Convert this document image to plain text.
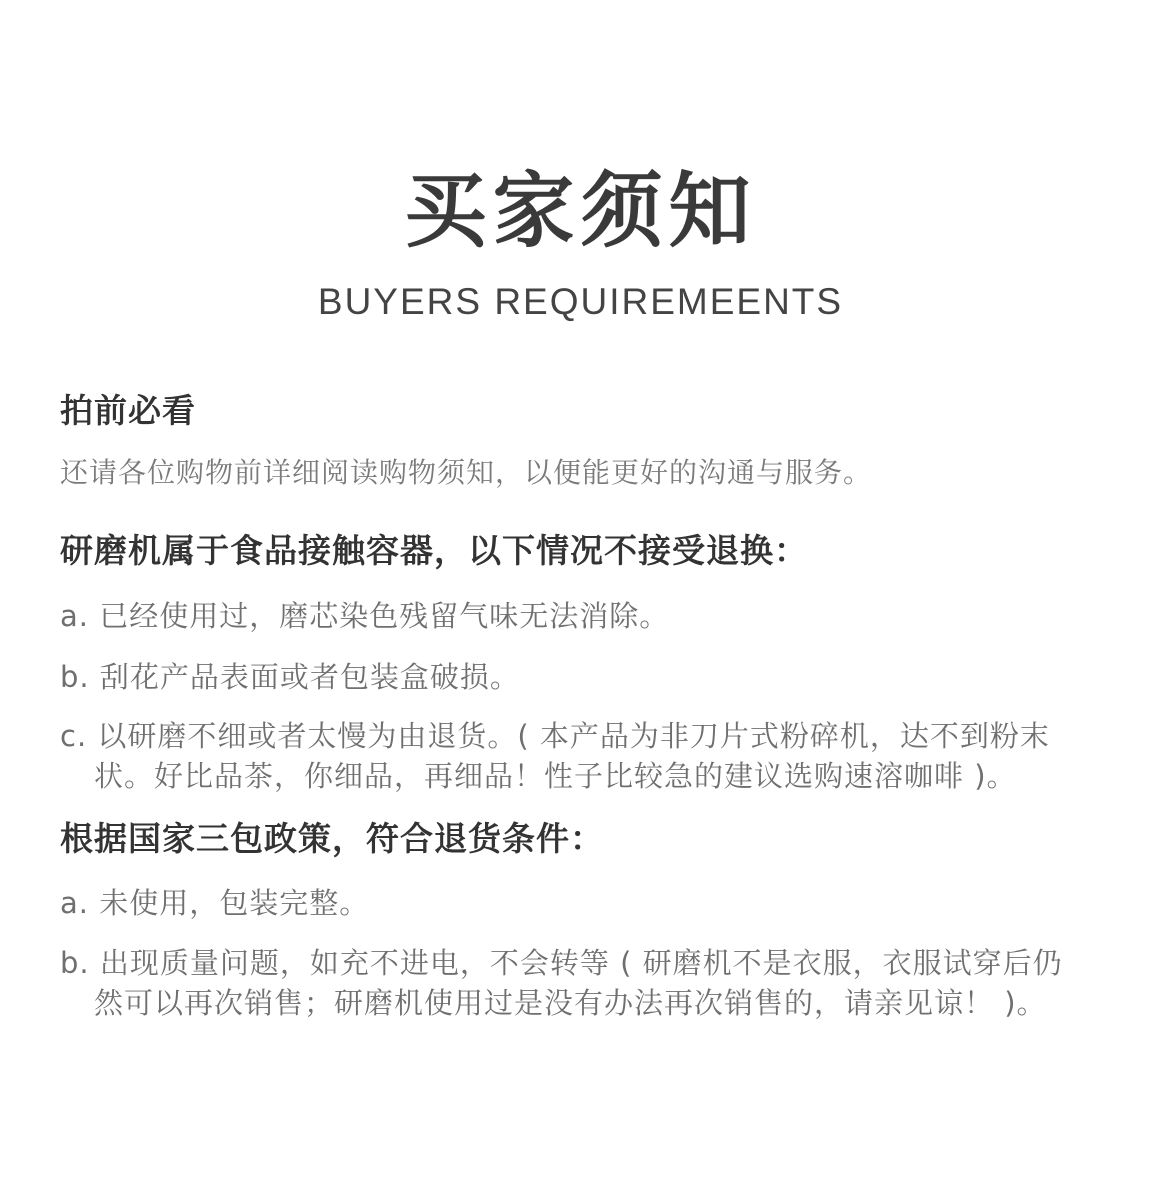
买家须知
BUYERS REQUIREMEENTS
拍前必看
还请各位购物前详细阅读购物须知，以便能更好的沟通与服务。
研磨机属于食品接触容器，以下情况不接受退换：
a. 已经使用过，磨芯染色残留气味无法消除。
b. 刮花产品表面或者包装盒破损。
c. 以研磨不细或者太慢为由退货。( 本产品为非刀片式粉碎机，达不到粉末
状。好比品茶，你细品，再细品！性子比较急的建议选购速溶咖啡 )。
根据国家三包政策，符合退货条件：
a. 未使用，包装完整。
b. 出现质量问题，如充不进电，不会转等 ( 研磨机不是衣服，衣服试穿后仍
然可以再次销售；研磨机使用过是没有办法再次销售的，请亲见谅！ )。
